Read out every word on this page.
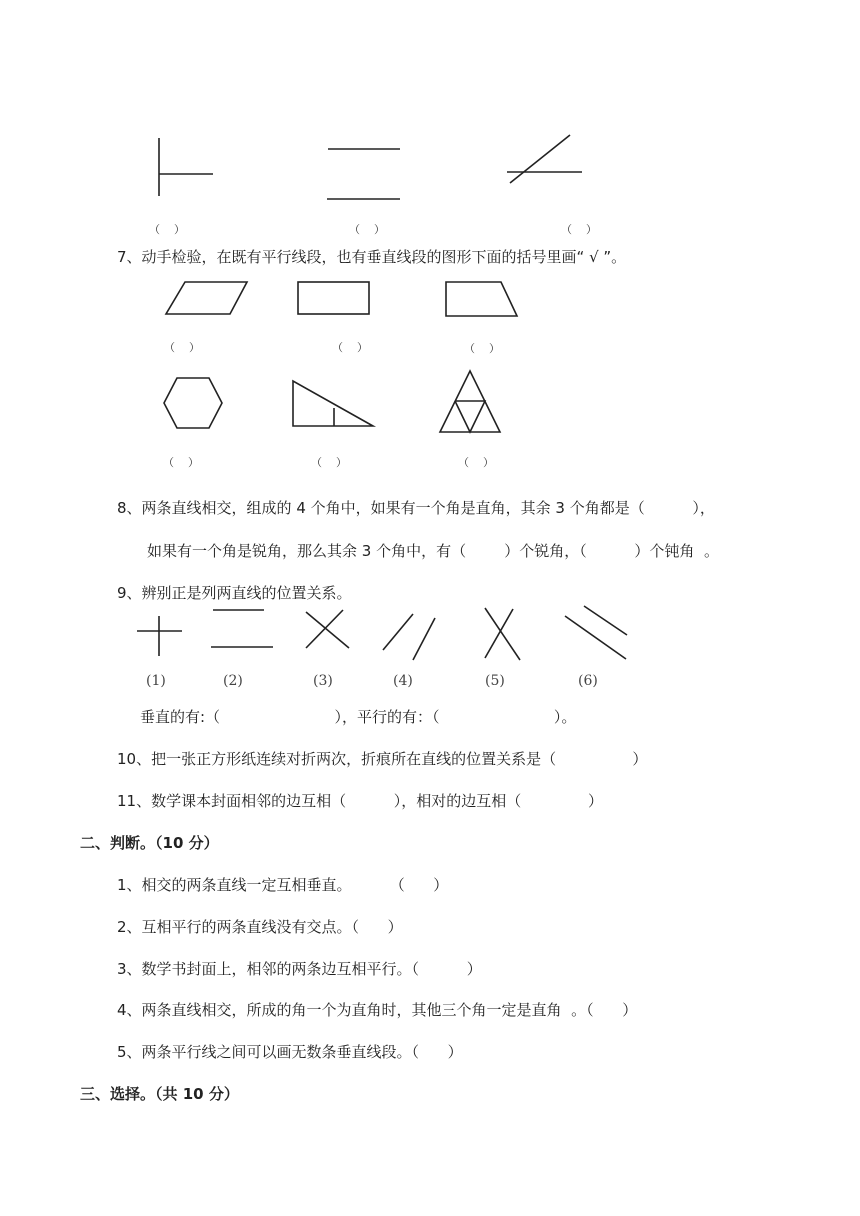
（    ）	（    ）	（    ）
7、动手检验，在既有平行线段，也有垂直线段的图形下面的括号里画“ √ ”。
（    ）	（    ）	（    ）
（    ）	（    ）	（    ）
8、两条直线相交，组成的 4 个角中，如果有一个角是直角，其余 3 个角都是（          ），
如果有一个角是锐角，那么其余 3 个角中，有（        ）个锐角，（          ）个钝角  。
9、辨别正是列两直线的位置关系。
(1)	(2)	(3)	(4)	(5)	(6)
垂直的有:（                        ），平行的有：（                        ）。
10、把一张正方形纸连续对折两次，折痕所在直线的位置关系是（                ）
11、数学课本封面相邻的边互相（          ），相对的边互相（              ）
二、判断。（10 分）
1、相交的两条直线一定互相垂直。        （      ）
2、互相平行的两条直线没有交点。（      ）
3、数学书封面上，相邻的两条边互相平行。（          ）
4、两条直线相交，所成的角一个为直角时，其他三个角一定是直角  。（      ）
5、两条平行线之间可以画无数条垂直线段。（      ）
三、选择。（共 10 分）
